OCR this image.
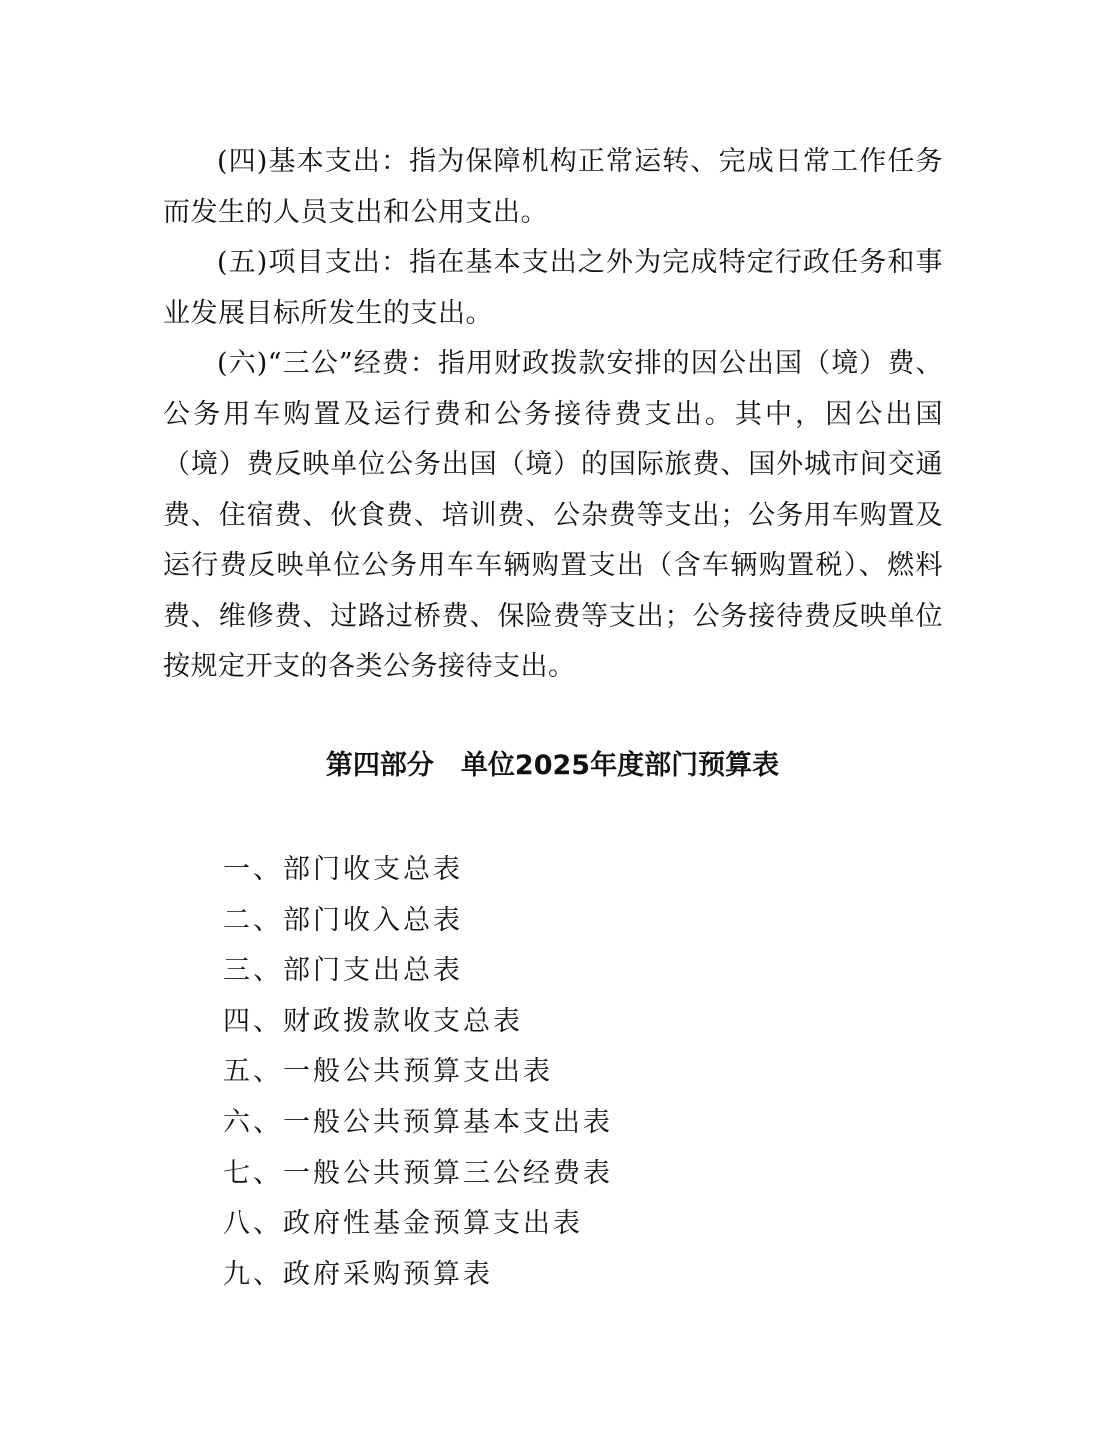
(四)基本支出：指为保障机构正常运转、完成日常工作任务而发生的人员支出和公用支出。

(五)项目支出：指在基本支出之外为完成特定行政任务和事业发展目标所发生的支出。

(六)“三公”经费：指用财政拨款安排的因公出国（境）费、公务用车购置及运行费和公务接待费支出。其中，因公出国（境）费反映单位公务出国（境）的国际旅费、国外城市间交通费、住宿费、伙食费、培训费、公杂费等支出；公务用车购置及运行费反映单位公务用车车辆购置支出（含车辆购置税）、燃料费、维修费、过路过桥费、保险费等支出；公务接待费反映单位按规定开支的各类公务接待支出。

第四部分　单位2025年度部门预算表
一、部门收支总表
二、部门收入总表
三、部门支出总表
四、财政拨款收支总表
五、一般公共预算支出表
六、一般公共预算基本支出表
七、一般公共预算三公经费表
八、政府性基金预算支出表
九、政府采购预算表
